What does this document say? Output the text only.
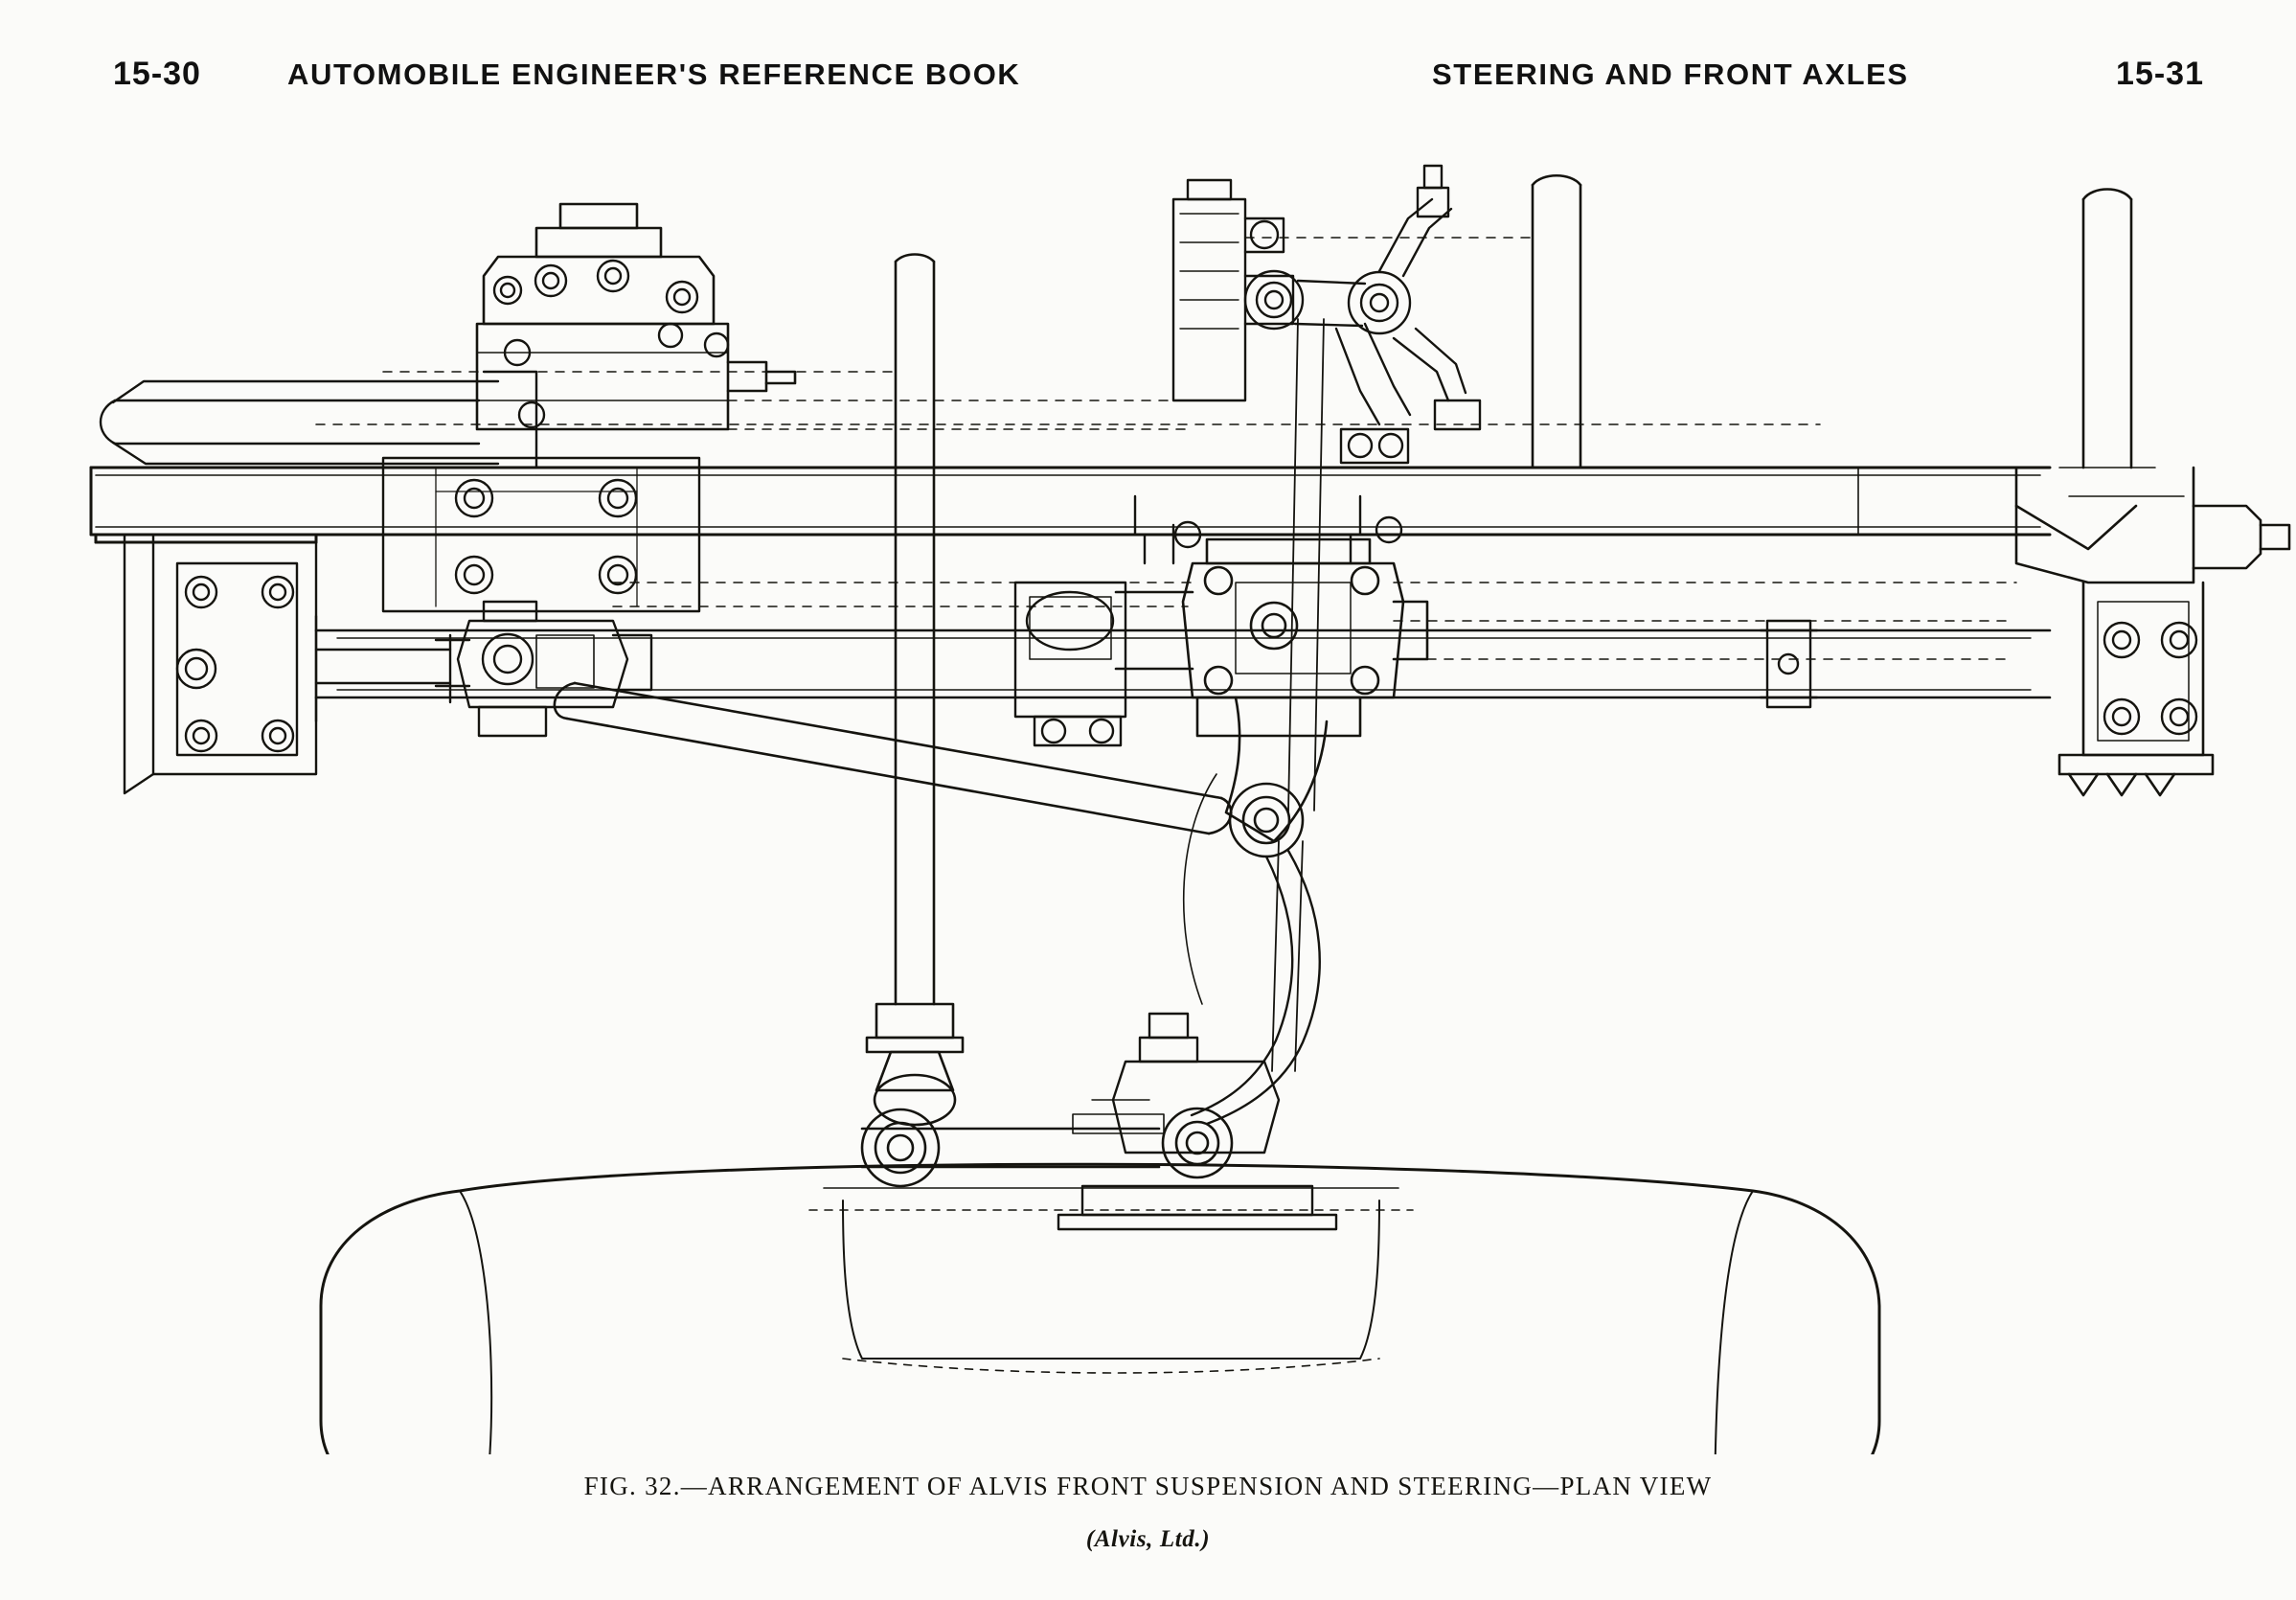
15-30	AUTOMOBILE ENGINEER'S REFERENCE BOOK	STEERING AND FRONT AXLES	15-31
FIG. 32.—ARRANGEMENT OF ALVIS FRONT SUSPENSION AND STEERING—PLAN VIEW
(Alvis, Ltd.)
